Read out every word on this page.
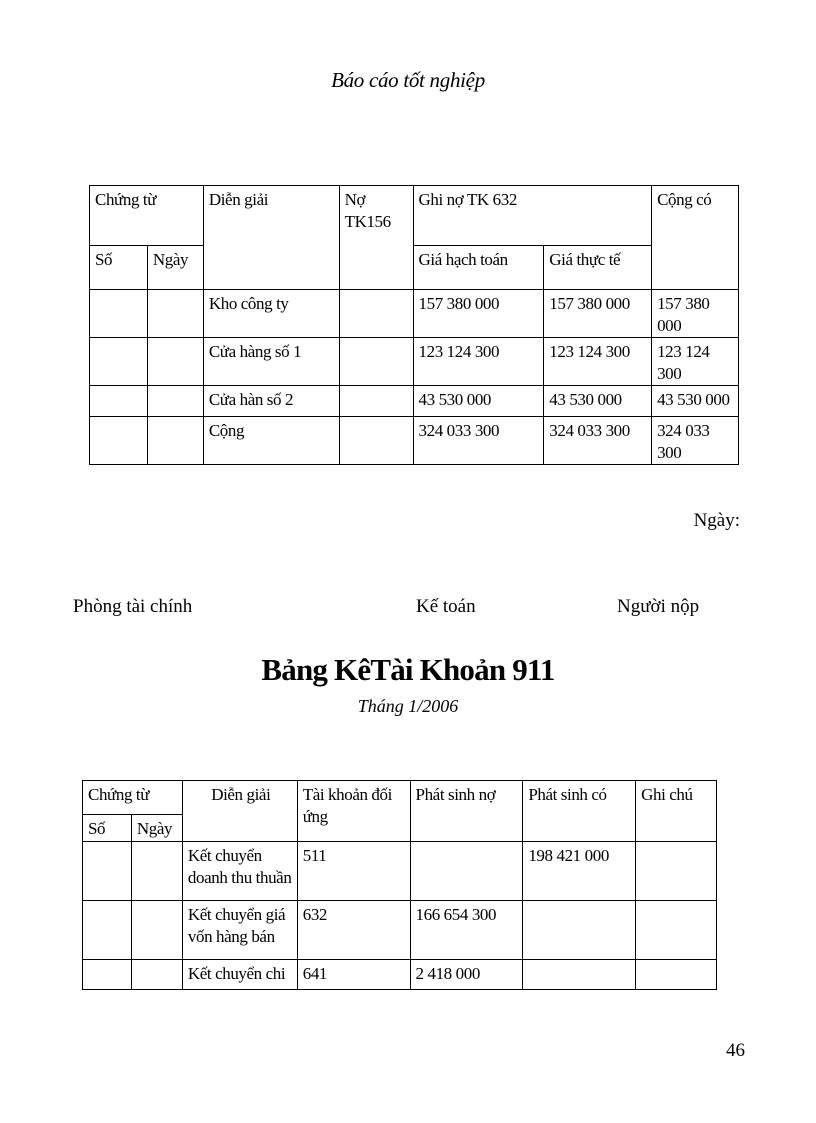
Báo cáo tốt nghiệp
Chứng từ		Diễn giải	Nợ TK156	Ghi nợ TK 632		Cộng có
Số	Ngày			Giá hạch toán	Giá thực tế	
		Kho công ty		157 380 000	157 380 000	157 380 000
		Cửa hàng số 1		123 124 300	123 124 300	123 124 300
		Cửa hàn số 2		43 530 000	43 530 000	43 530 000
		Cộng		324 033 300	324 033 300	324 033 300
Ngày:
Phòng tài chính	Kế toán	Người nộp
Bảng KêTài Khoản 911
Tháng 1/2006
Chứng từ		Diễn giải	Tài khoản đối ứng	Phát sinh nợ	Phát sinh có	Ghi chú
Số	Ngày					
		Kết chuyển doanh thu thuần	511		198 421 000	
		Kết chuyển giá vốn hàng bán	632	166 654 300		
		Kết chuyển chi	641	2 418 000		
46
